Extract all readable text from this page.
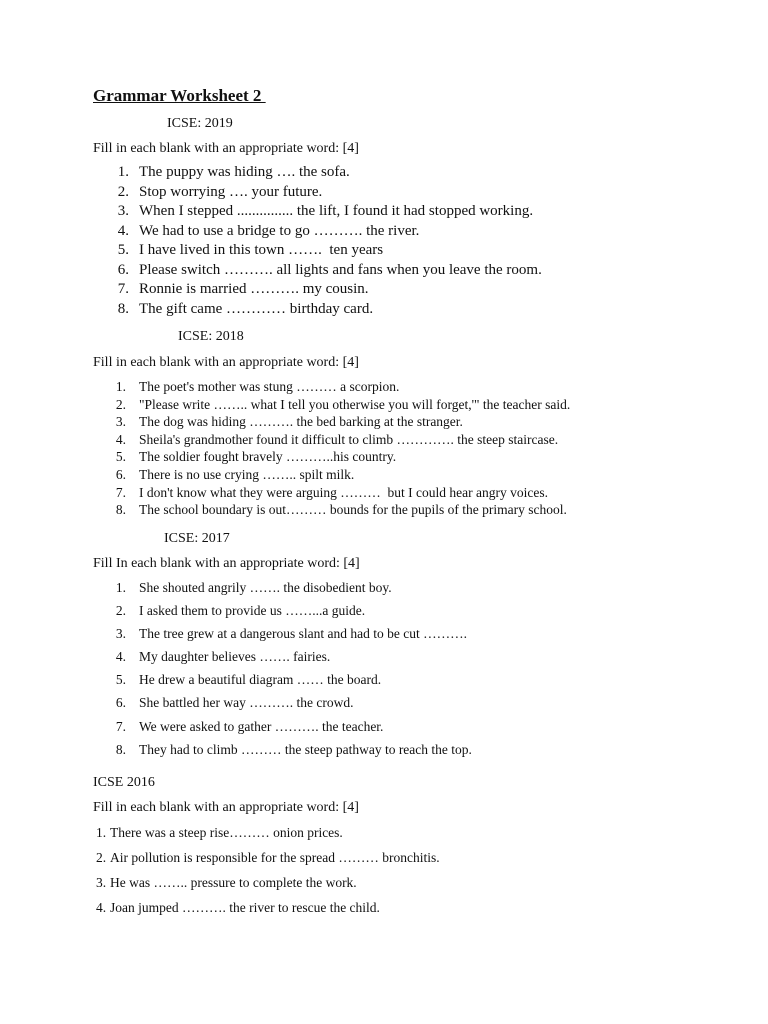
Grammar Worksheet 2
ICSE: 2019
Fill in each blank with an appropriate word: [4]
1. The puppy was hiding …. the sofa.
2. Stop worrying …. your future.
3. When I stepped ............... the lift, I found it had stopped working.
4. We had to use a bridge to go ………. the river.
5. I have lived in this town …….  ten years
6. Please switch ………. all lights and fans when you leave the room.
7. Ronnie is married ………. my cousin.
8. The gift came ………… birthday card.
ICSE: 2018
Fill in each blank with an appropriate word: [4]
1. The poet's mother was stung ……… a scorpion.
2. "Please write …….. what I tell you otherwise you will forget,'" the teacher said.
3. The dog was hiding ………. the bed barking at the stranger.
4. Sheila's grandmother found it difficult to climb …………. the steep staircase.
5. The soldier fought bravely ………..his country.
6. There is no use crying …….. spilt milk.
7. I don't know what they were arguing ………  but I could hear angry voices.
8. The school boundary is out……… bounds for the pupils of the primary school.
ICSE: 2017
Fill In each blank with an appropriate word: [4]
1. She shouted angrily ……. the disobedient boy.
2. I asked them to provide us ……...a guide.
3. The tree grew at a dangerous slant and had to be cut ……….
4. My daughter believes ……. fairies.
5. He drew a beautiful diagram …… the board.
6. She battled her way ………. the crowd.
7. We were asked to gather ………. the teacher.
8. They had to climb ……… the steep pathway to reach the top.
ICSE 2016
Fill in each blank with an appropriate word: [4]
1. There was a steep rise……… onion prices.
2. Air pollution is responsible for the spread ……… bronchitis.
3. He was …….. pressure to complete the work.
4. Joan jumped ………. the river to rescue the child.
